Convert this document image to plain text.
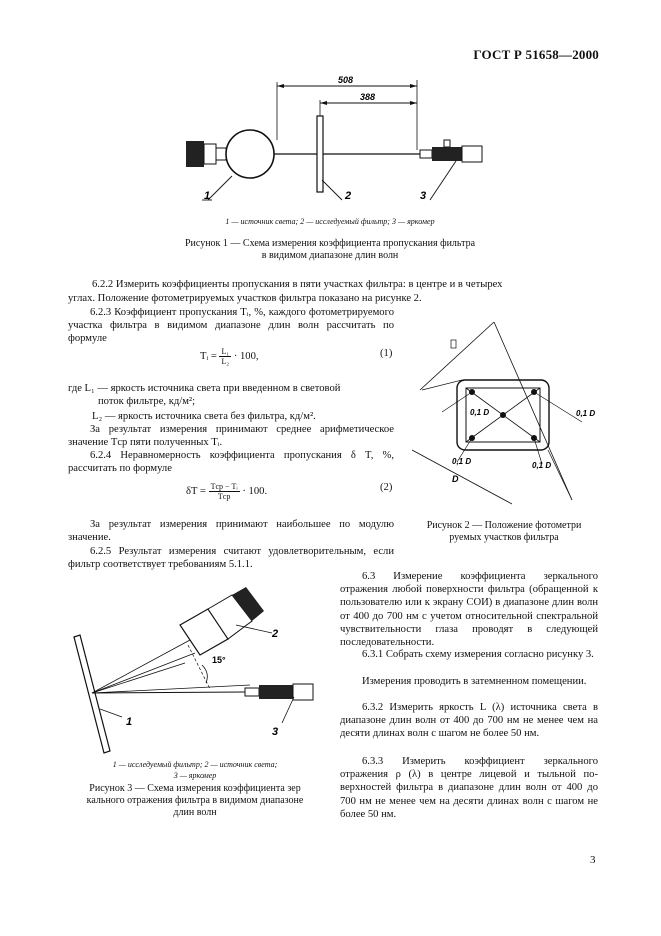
ГОСТ Р 51658—2000
508
388
1	2	3
1 — источник света; 2 — исследуемый фильтр; 3 — яркомер
Рисунок 1 — Схема измерения коэффициента пропускания фильтра
в видимом диапазоне длин волн
6.2.2 Измерить коэффициенты пропускания в пяти участках фильтра: в центре и в четырех
углах. Положение фотометрируемых участков фильтра показано на рисунке 2.
6.2.3 Коэффициент пропускания Tᵢ, %, каждого фотометрируемого участка фильтра в видимом диапазоне длин волн рассчитать по формуле
Tᵢ = $\frac{\text{L₁}}{\text{L₂}} \cdot 100$,	(1)
где L₁ — яркость источника света при введенном в световой
поток фильтре, кд/м²;
L₂ — яркость источника света без фильтра, кд/м².
За результат измерения принимают среднее арифметическое значение Tср пяти полученных Tᵢ.
6.2.4 Неравномерность коэффициента пропускания δ T, %, рассчитать по формуле
$\delta T = \frac{\text{Tср − Tᵢ}}{\text{Tср}} \cdot 100$.	(2)
За результат измерения принимают наибольшее по модулю значение.
6.2.5 Результат измерения считают удовлетворительным, если фильтр соответствует требованиям 5.1.1.
0,1 D	0,1 D
0,1 D	0,1 D
D
Рисунок 2 — Положение фотометри
руемых участков фильтра
15°
2
1
3
1 — исследуемый фильтр; 2 — источник света;
3 — яркомер
Рисунок 3 — Схема измерения коэффициента зер
кального отражения фильтра в видимом диапазоне
длин волн
6.3 Измерение коэффициента зеркального отражения любой поверхности фильтра (обращенной к пользователю или к экрану СОИ) в диапазоне длин волн от 400 до 700 нм с учетом относительной спектральной чувствительности глаза проводят в следующей последовательности.
6.3.1 Собрать схему измерения согласно рисунку 3.
Измерения проводить в затемненном помещении.
6.3.2 Измерить яркость L (λ) источника света в диапазоне длин волн от 400 до 700 нм не менее чем на десяти длинах волн с шагом не более 50 нм.
6.3.3 Измерить коэффициент зеркального отражения ρ (λ) в центре лицевой и тыльной поверхностей фильтра в диапазоне длин волн от 400 до 700 нм не менее чем на десяти длинах волн с шагом не более 50 нм.
3
